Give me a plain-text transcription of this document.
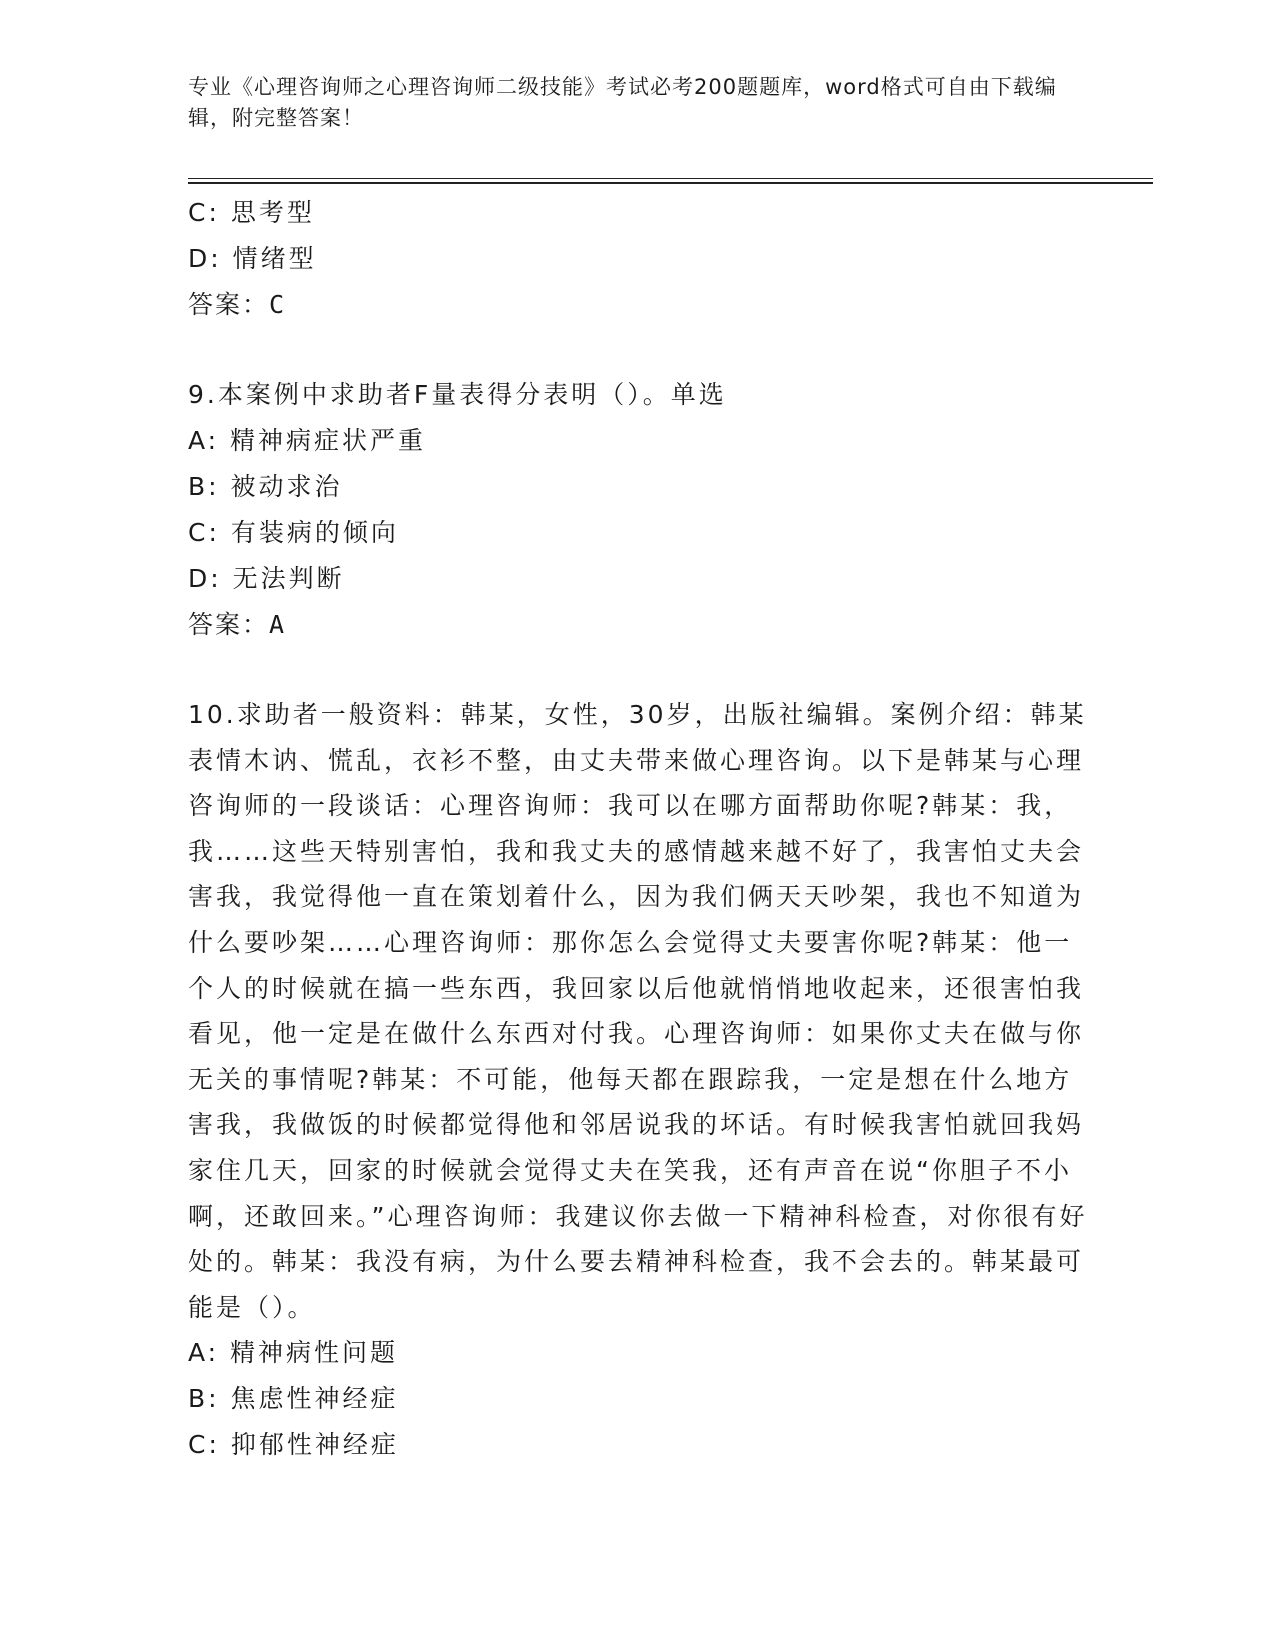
专业《心理咨询师之心理咨询师二级技能》考试必考200题题库，word格式可自由下载编辑，附完整答案！
C: 思考型
D: 情绪型
答案：C
9.本案例中求助者F量表得分表明（）。单选
A: 精神病症状严重
B: 被动求治
C: 有装病的倾向
D: 无法判断
答案：A
10.求助者一般资料：韩某，女性，30岁，出版社编辑。案例介绍：韩某表情木讷、慌乱，衣衫不整，由丈夫带来做心理咨询。以下是韩某与心理咨询师的一段谈话：心理咨询师：我可以在哪方面帮助你呢?韩某：我，我……这些天特别害怕，我和我丈夫的感情越来越不好了，我害怕丈夫会害我，我觉得他一直在策划着什么，因为我们俩天天吵架，我也不知道为什么要吵架……心理咨询师：那你怎么会觉得丈夫要害你呢?韩某：他一个人的时候就在搞一些东西，我回家以后他就悄悄地收起来，还很害怕我看见，他一定是在做什么东西对付我。心理咨询师：如果你丈夫在做与你无关的事情呢?韩某：不可能，他每天都在跟踪我，一定是想在什么地方害我，我做饭的时候都觉得他和邻居说我的坏话。有时候我害怕就回我妈家住几天，回家的时候就会觉得丈夫在笑我，还有声音在说“你胆子不小啊，还敢回来。”心理咨询师：我建议你去做一下精神科检查，对你很有好处的。韩某：我没有病，为什么要去精神科检查，我不会去的。韩某最可能是（）。
A: 精神病性问题
B: 焦虑性神经症
C: 抑郁性神经症
